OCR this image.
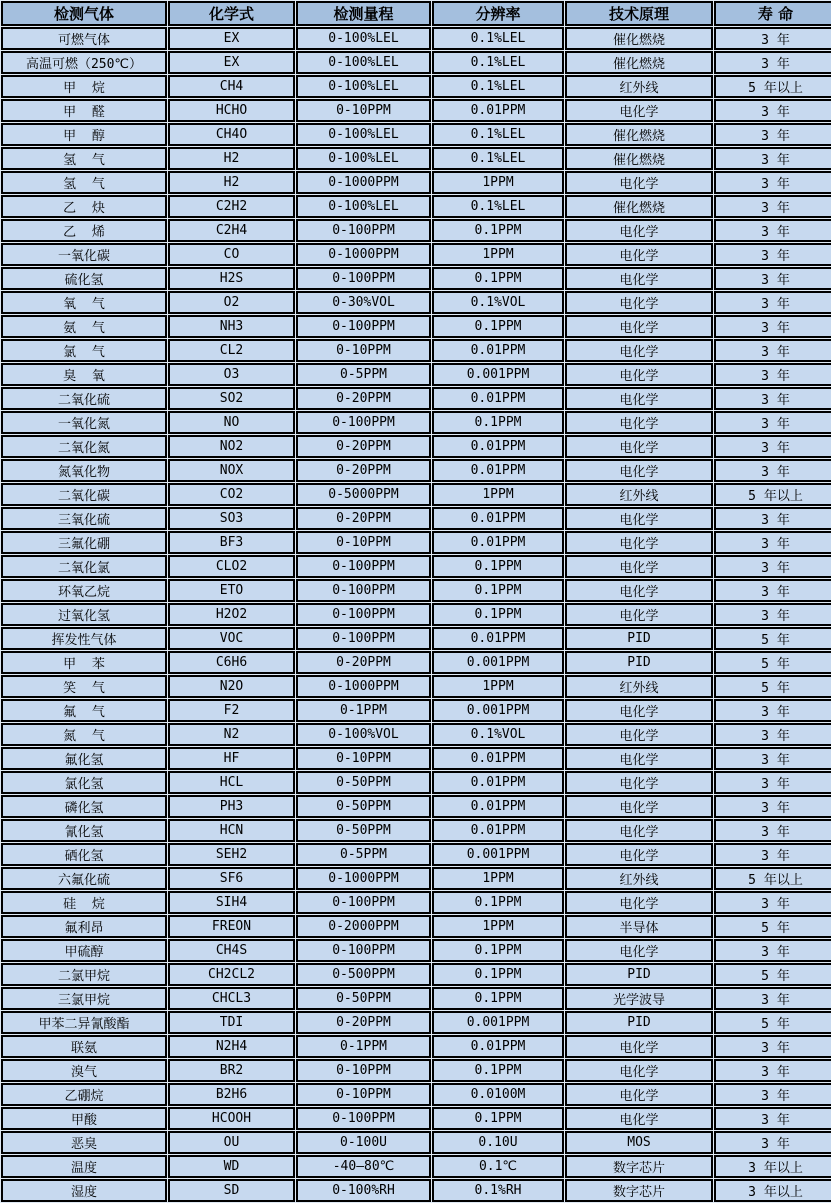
检测气体	化学式	检测量程	分辨率	技术原理	寿 命
可燃气体	EX	0-100%LEL	0.1%LEL	催化燃烧	3 年
高温可燃（250℃）	EX	0-100%LEL	0.1%LEL	催化燃烧	3 年
甲  烷	CH4	0-100%LEL	0.1%LEL	红外线	5 年以上
甲  醛	HCHO	0-10PPM	0.01PPM	电化学	3 年
甲  醇	CH4O	0-100%LEL	0.1%LEL	催化燃烧	3 年
氢  气	H2	0-100%LEL	0.1%LEL	催化燃烧	3 年
氢  气	H2	0-1000PPM	1PPM	电化学	3 年
乙  炔	C2H2	0-100%LEL	0.1%LEL	催化燃烧	3 年
乙  烯	C2H4	0-100PPM	0.1PPM	电化学	3 年
一氧化碳	CO	0-1000PPM	1PPM	电化学	3 年
硫化氢	H2S	0-100PPM	0.1PPM	电化学	3 年
氧  气	O2	0-30%VOL	0.1%VOL	电化学	3 年
氨  气	NH3	0-100PPM	0.1PPM	电化学	3 年
氯  气	CL2	0-10PPM	0.01PPM	电化学	3 年
臭  氧	O3	0-5PPM	0.001PPM	电化学	3 年
二氧化硫	SO2	0-20PPM	0.01PPM	电化学	3 年
一氧化氮	NO	0-100PPM	0.1PPM	电化学	3 年
二氧化氮	NO2	0-20PPM	0.01PPM	电化学	3 年
氮氧化物	NOX	0-20PPM	0.01PPM	电化学	3 年
二氧化碳	CO2	0-5000PPM	1PPM	红外线	5 年以上
三氧化硫	SO3	0-20PPM	0.01PPM	电化学	3 年
三氟化硼	BF3	0-10PPM	0.01PPM	电化学	3 年
二氧化氯	CLO2	0-100PPM	0.1PPM	电化学	3 年
环氧乙烷	ETO	0-100PPM	0.1PPM	电化学	3 年
过氧化氢	H2O2	0-100PPM	0.1PPM	电化学	3 年
挥发性气体	VOC	0-100PPM	0.01PPM	PID	5 年
甲  苯	C6H6	0-20PPM	0.001PPM	PID	5 年
笑  气	N2O	0-1000PPM	1PPM	红外线	5 年
氟  气	F2	0-1PPM	0.001PPM	电化学	3 年
氮  气	N2	0-100%VOL	0.1%VOL	电化学	3 年
氟化氢	HF	0-10PPM	0.01PPM	电化学	3 年
氯化氢	HCL	0-50PPM	0.01PPM	电化学	3 年
磷化氢	PH3	0-50PPM	0.01PPM	电化学	3 年
氰化氢	HCN	0-50PPM	0.01PPM	电化学	3 年
硒化氢	SEH2	0-5PPM	0.001PPM	电化学	3 年
六氟化硫	SF6	0-1000PPM	1PPM	红外线	5 年以上
硅  烷	SIH4	0-100PPM	0.1PPM	电化学	3 年
氟利昂	FREON	0-2000PPM	1PPM	半导体	5 年
甲硫醇	CH4S	0-100PPM	0.1PPM	电化学	3 年
二氯甲烷	CH2CL2	0-500PPM	0.1PPM	PID	5 年
三氯甲烷	CHCL3	0-50PPM	0.1PPM	光学波导	3 年
甲苯二异氰酸酯	TDI	0-20PPM	0.001PPM	PID	5 年
联氨	N2H4	0-1PPM	0.01PPM	电化学	3 年
溴气	BR2	0-10PPM	0.1PPM	电化学	3 年
乙硼烷	B2H6	0-10PPM	0.0100M	电化学	3 年
甲酸	HCOOH	0-100PPM	0.1PPM	电化学	3 年
恶臭	OU	0-100U	0.10U	MOS	3 年
温度	WD	-40—80℃	0.1℃	数字芯片	3 年以上
湿度	SD	0-100%RH	0.1%RH	数字芯片	3 年以上
